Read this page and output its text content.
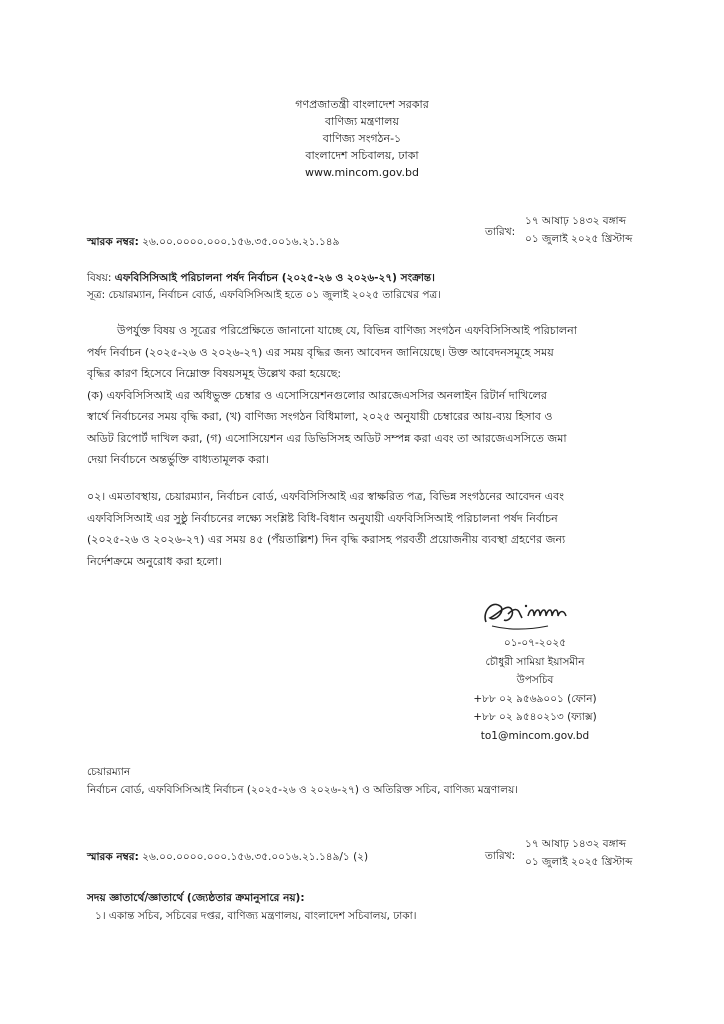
গণপ্রজাতন্ত্রী বাংলাদেশ সরকার
বাণিজ্য মন্ত্রণালয়
বাণিজ্য সংগঠন-১
বাংলাদেশ সচিবালয়, ঢাকা
www.mincom.gov.bd
তারিখ:
১৭ আষাঢ় ১৪৩২ বঙ্গাব্দ
০১ জুলাই ২০২৫ খ্রিস্টাব্দ
স্মারক নম্বর: ২৬.০০.০০০০.০০০.১৫৬.৩৫.০০১৬.২১.১৪৯
বিষয়: এফবিসিসিআই পরিচালনা পর্ষদ নির্বাচন (২০২৫-২৬ ও ২০২৬-২৭) সংক্রান্ত।
সূত্র: চেয়ারম্যান, নির্বাচন বোর্ড, এফবিসিসিআই হতে ০১ জুলাই ২০২৫ তারিখের পত্র।
উপর্যুক্ত বিষয় ও সূত্রের পরিপ্রেক্ষিতে জানানো যাচ্ছে যে, বিভিন্ন বাণিজ্য সংগঠন এফবিসিসিআই পরিচালনা
পর্ষদ নির্বাচন (২০২৫-২৬ ও ২০২৬-২৭) এর সময় বৃদ্ধির জন্য আবেদন জানিয়েছে। উক্ত আবেদনসমূহে সময়
বৃদ্ধির কারণ হিসেবে নিম্নোক্ত বিষয়সমূহ উল্লেখ করা হয়েছে:
(ক) এফবিসিসিআই এর অধিভুক্ত চেম্বার ও এসোসিয়েশনগুলোর আরজেএসসির অনলাইন রিটার্ন দাখিলের
স্বার্থে নির্বাচনের সময় বৃদ্ধি করা, (খ) বাণিজ্য সংগঠন বিধিমালা, ২০২৫ অনুযায়ী চেম্বারের আয়-ব্যয় হিসাব ও
অডিট রিপোর্ট দাখিল করা, (গ) এসোসিয়েশন এর ডিভিসিসহ অডিট সম্পন্ন করা এবং তা আরজেএসসিতে জমা
দেয়া নির্বাচনে অন্তর্ভুক্তি বাধ্যতামূলক করা।
০২। এমতাবস্থায়, চেয়ারম্যান, নির্বাচন বোর্ড, এফবিসিসিআই এর স্বাক্ষরিত পত্র, বিভিন্ন সংগঠনের আবেদন এবং
এফবিসিসিআই এর সুষ্ঠু নির্বাচনের লক্ষ্যে সংশ্লিষ্ট বিধি-বিধান অনুযায়ী এফবিসিসিআই পরিচালনা পর্ষদ নির্বাচন
(২০২৫-২৬ ও ২০২৬-২৭) এর সময় ৪৫ (পঁয়তাল্লিশ) দিন বৃদ্ধি করাসহ পরবর্তী প্রয়োজনীয় ব্যবস্থা গ্রহণের জন্য
নির্দেশক্রমে অনুরোধ করা হলো।
০১-০৭-২০২৫
চৌধুরী সামিয়া ইয়াসমীন
উপসচিব
+৮৮ ০২ ৯৫৬৯০০১ (ফোন)
+৮৮ ০২ ৯৫৪০২১৩ (ফ্যাক্স)
to1@mincom.gov.bd
চেয়ারম্যান
নির্বাচন বোর্ড, এফবিসিসিআই নির্বাচন (২০২৫-২৬ ও ২০২৬-২৭) ও অতিরিক্ত সচিব, বাণিজ্য মন্ত্রণালয়।
তারিখ:
১৭ আষাঢ় ১৪৩২ বঙ্গাব্দ
০১ জুলাই ২০২৫ খ্রিস্টাব্দ
স্মারক নম্বর: ২৬.০০.০০০০.০০০.১৫৬.৩৫.০০১৬.২১.১৪৯/১ (২)
সদয় জ্ঞাতার্থে/জ্ঞাতার্থে (জ্যেষ্ঠতার ক্রমানুসারে নয়):
১। একান্ত সচিব, সচিবের দপ্তর, বাণিজ্য মন্ত্রণালয়, বাংলাদেশ সচিবালয়, ঢাকা।
